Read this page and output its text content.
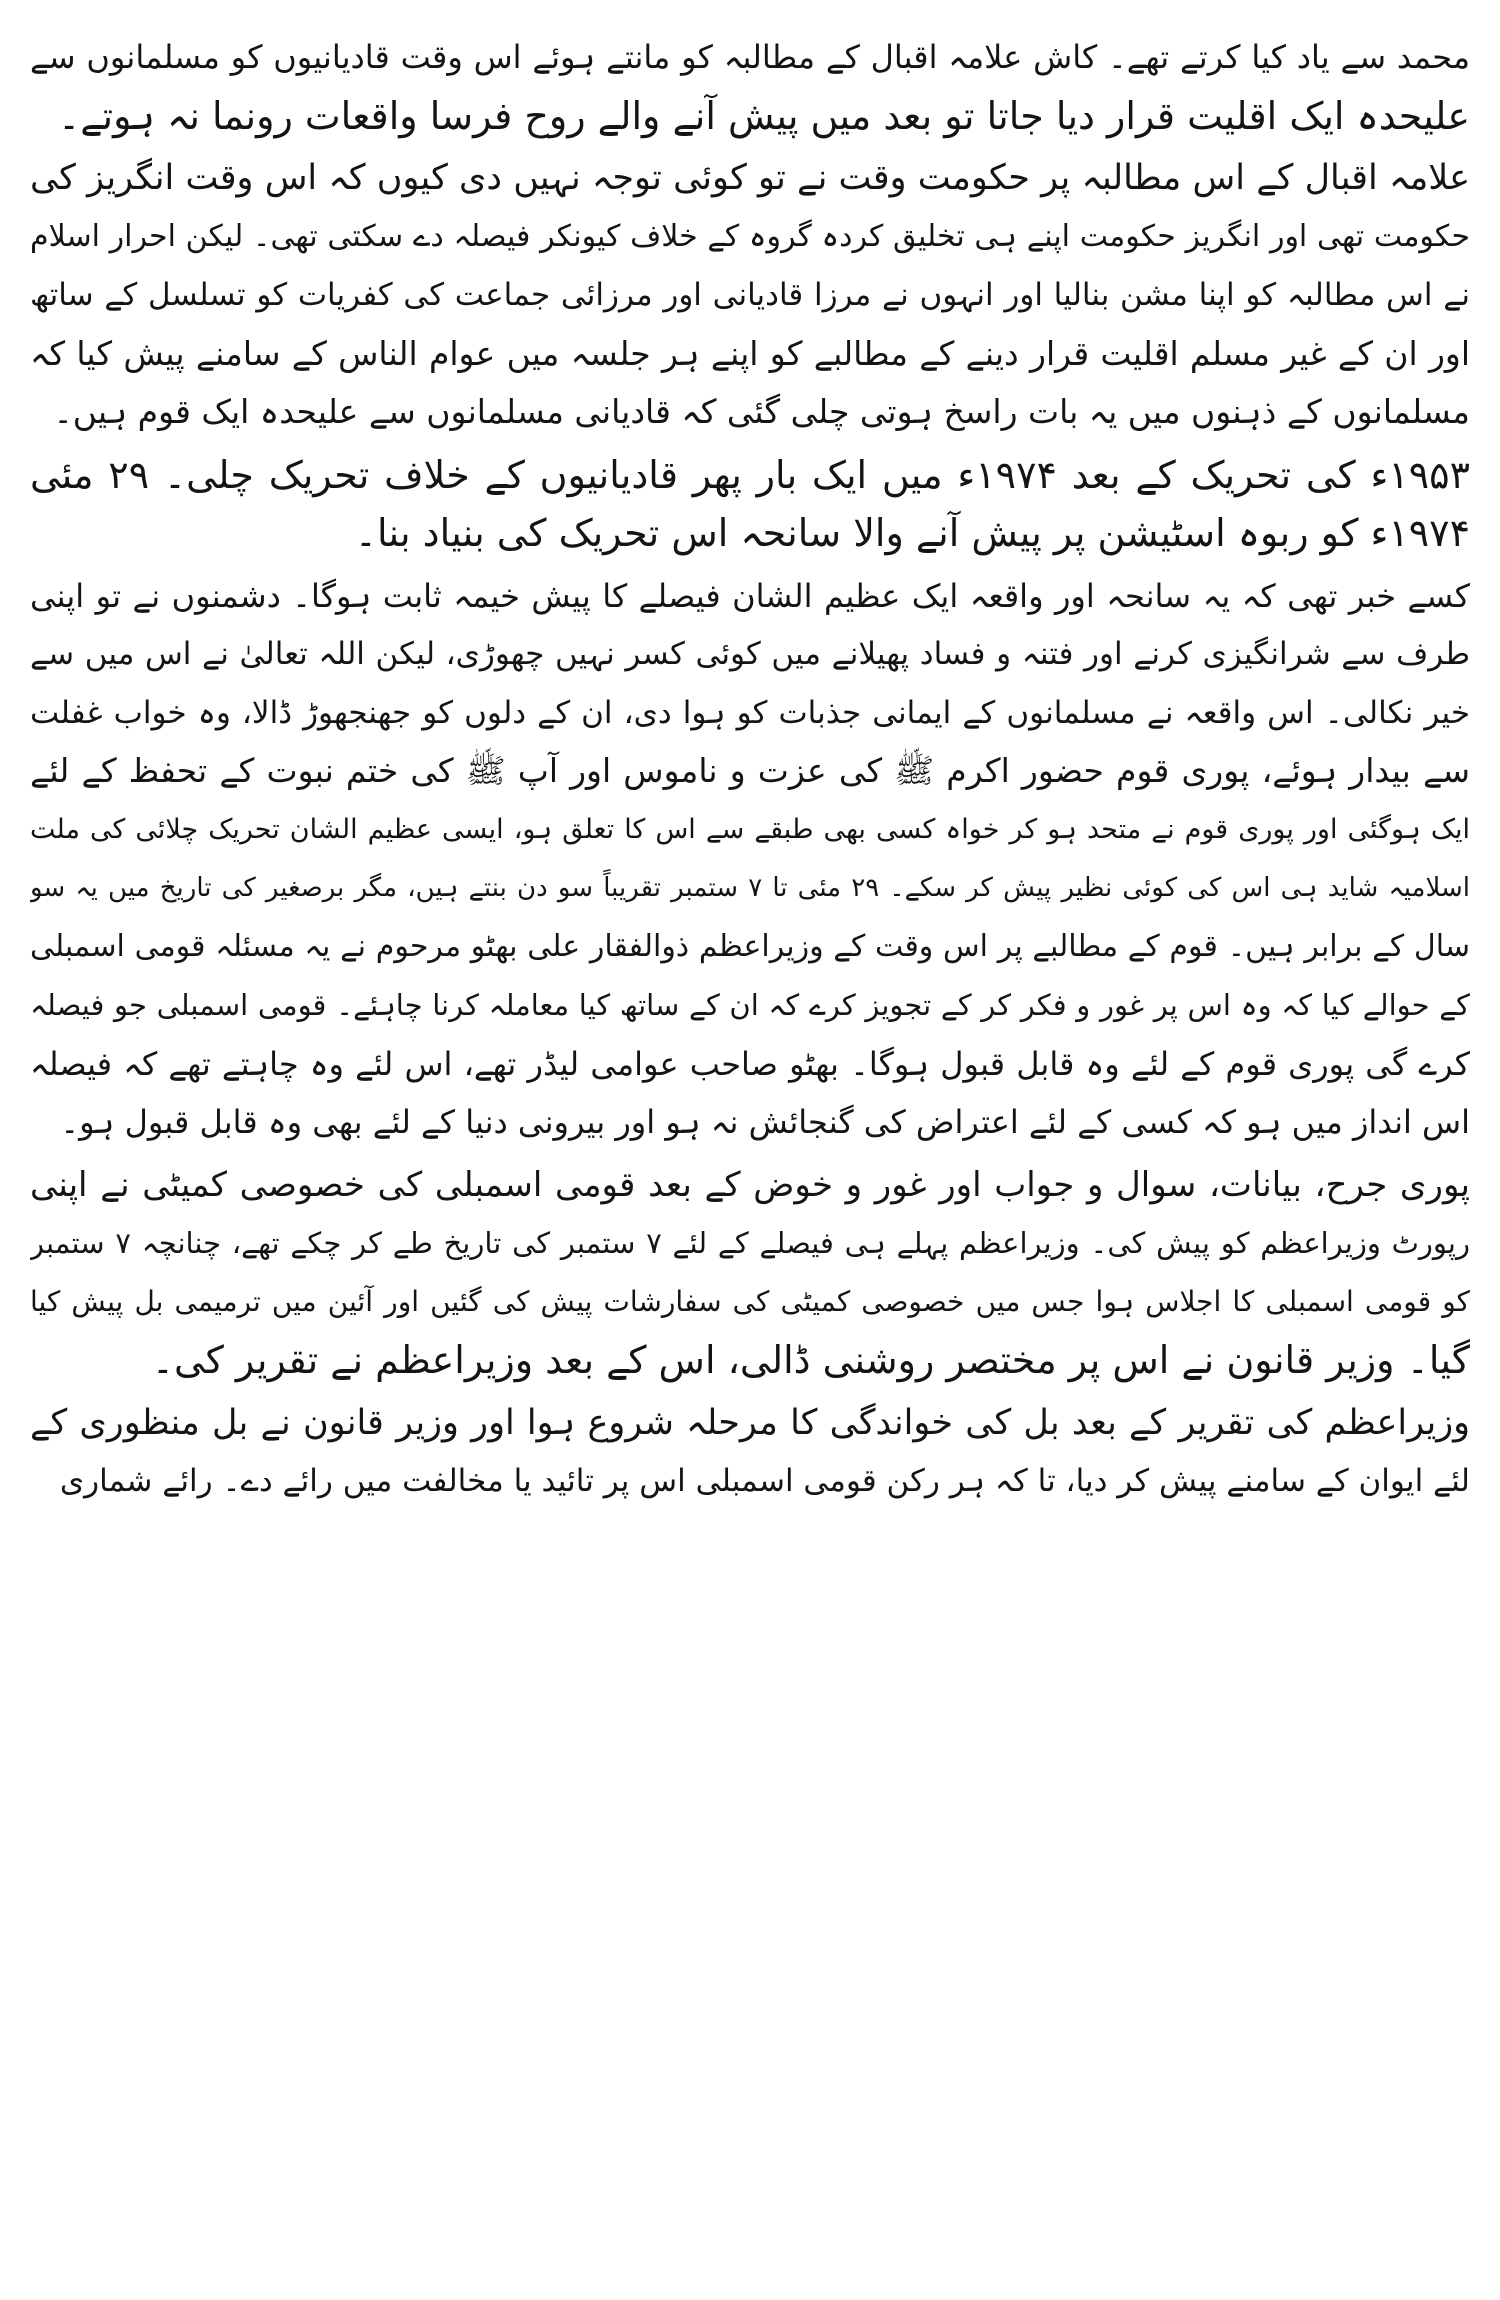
محمد سے یاد کیا کرتے تھے۔ کاش علامہ اقبال کے مطالبہ کو مانتے ہوئے اس وقت قادیانیوں کو مسلمانوں سے
علیحدہ ایک اقلیت قرار دیا جاتا تو بعد میں پیش آنے والے روح فرسا واقعات رونما نہ ہوتے۔
علامہ اقبال کے اس مطالبہ پر حکومت وقت نے تو کوئی توجہ نہیں دی کیوں کہ اس وقت انگریز کی
حکومت تھی اور انگریز حکومت اپنے ہی تخلیق کردہ گروہ کے خلاف کیونکر فیصلہ دے سکتی تھی۔ لیکن احرار اسلام
نے اس مطالبہ کو اپنا مشن بنالیا اور انہوں نے مرزا قادیانی اور مرزائی جماعت کی کفریات کو تسلسل کے ساتھ
اور ان کے غیر مسلم اقلیت قرار دینے کے مطالبے کو اپنے ہر جلسہ میں عوام الناس کے سامنے پیش کیا کہ
مسلمانوں کے ذہنوں میں یہ بات راسخ ہوتی چلی گئی کہ قادیانی مسلمانوں سے علیحدہ ایک قوم ہیں۔
۱۹۵۳ء کی تحریک کے بعد ۱۹۷۴ء میں ایک بار پھر قادیانیوں کے خلاف تحریک چلی۔ ۲۹ مئی
۱۹۷۴ء کو ربوہ اسٹیشن پر پیش آنے والا سانحہ اس تحریک کی بنیاد بنا۔
کسے خبر تھی کہ یہ سانحہ اور واقعہ ایک عظیم الشان فیصلے کا پیش خیمہ ثابت ہوگا۔ دشمنوں نے تو اپنی
طرف سے شرانگیزی کرنے اور فتنہ و فساد پھیلانے میں کوئی کسر نہیں چھوڑی، لیکن اللہ تعالیٰ نے اس میں سے
خیر نکالی۔ اس واقعہ نے مسلمانوں کے ایمانی جذبات کو ہوا دی، ان کے دلوں کو جھنجھوڑ ڈالا، وہ خواب غفلت
سے بیدار ہوئے، پوری قوم حضور اکرم ﷺ کی عزت و ناموس اور آپ ﷺ کی ختم نبوت کے تحفظ کے لئے
ایک ہوگئی اور پوری قوم نے متحد ہو کر خواہ کسی بھی طبقے سے اس کا تعلق ہو، ایسی عظیم الشان تحریک چلائی کی ملت
اسلامیہ شاید ہی اس کی کوئی نظیر پیش کر سکے۔ ۲۹ مئی تا ۷ ستمبر تقریباً سو دن بنتے ہیں، مگر برصغیر کی تاریخ میں یہ سو
سال کے برابر ہیں۔ قوم کے مطالبے پر اس وقت کے وزیراعظم ذوالفقار علی بھٹو مرحوم نے یہ مسئلہ قومی اسمبلی
کے حوالے کیا کہ وہ اس پر غور و فکر کر کے تجویز کرے کہ ان کے ساتھ کیا معاملہ کرنا چاہئے۔ قومی اسمبلی جو فیصلہ
کرے گی پوری قوم کے لئے وہ قابل قبول ہوگا۔ بھٹو صاحب عوامی لیڈر تھے، اس لئے وہ چاہتے تھے کہ فیصلہ
اس انداز میں ہو کہ کسی کے لئے اعتراض کی گنجائش نہ ہو اور بیرونی دنیا کے لئے بھی وہ قابل قبول ہو۔
پوری جرح، بیانات، سوال و جواب اور غور و خوض کے بعد قومی اسمبلی کی خصوصی کمیٹی نے اپنی
رپورٹ وزیراعظم کو پیش کی۔ وزیراعظم پہلے ہی فیصلے کے لئے ۷ ستمبر کی تاریخ طے کر چکے تھے، چنانچہ ۷ ستمبر
کو قومی اسمبلی کا اجلاس ہوا جس میں خصوصی کمیٹی کی سفارشات پیش کی گئیں اور آئین میں ترمیمی بل پیش کیا
گیا۔ وزیر قانون نے اس پر مختصر روشنی ڈالی، اس کے بعد وزیراعظم نے تقریر کی۔
وزیراعظم کی تقریر کے بعد بل کی خواندگی کا مرحلہ شروع ہوا اور وزیر قانون نے بل منظوری کے
لئے ایوان کے سامنے پیش کر دیا، تا کہ ہر رکن قومی اسمبلی اس پر تائید یا مخالفت میں رائے دے۔ رائے شماری
